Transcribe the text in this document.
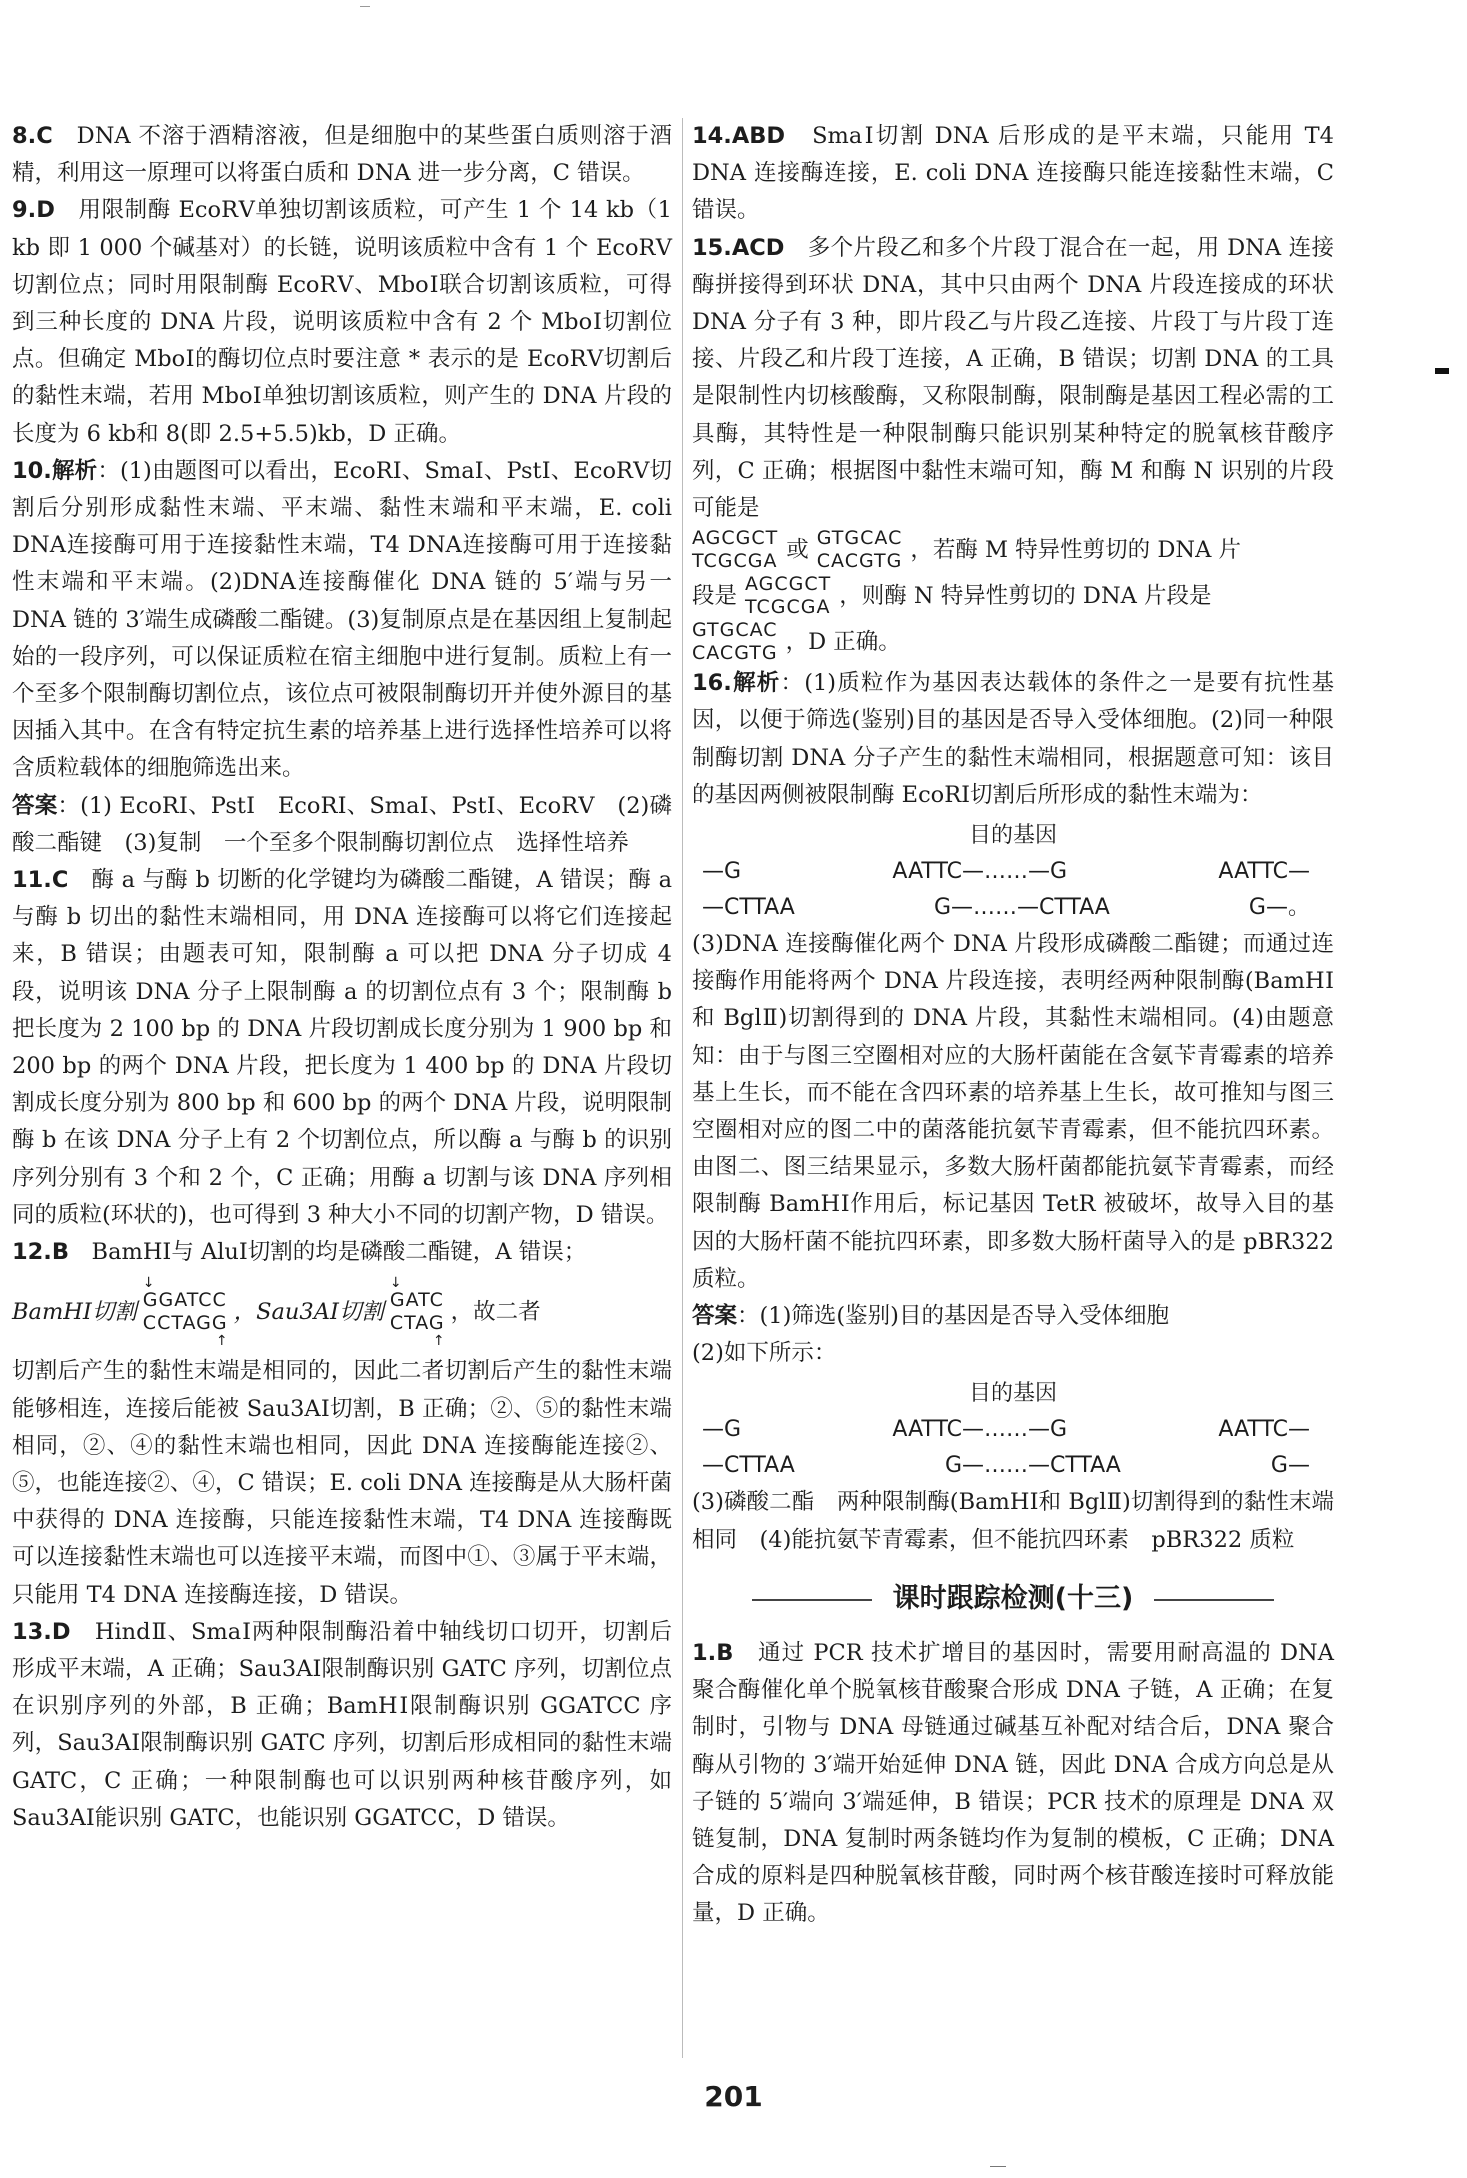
8.C　 DNA 不溶于酒精溶液，但是细胞中的某些蛋白质则溶于酒精，利用这一原理可以将蛋白质和 DNA 进一步分离，C 错误。

9.D　 用限制酶 EcoRⅤ单独切割该质粒，可产生 1 个 14 kb（1 kb 即 1 000 个碱基对）的长链，说明该质粒中含有 1 个 EcoRⅤ切割位点；同时用限制酶 EcoRⅤ、MboⅠ联合切割该质粒，可得到三种长度的 DNA 片段，说明该质粒中含有 2 个 MboⅠ切割位点。但确定 MboⅠ的酶切位点时要注意 * 表示的是 EcoRⅤ切割后的黏性末端，若用 MboⅠ单独切割该质粒，则产生的 DNA 片段的长度为 6 kb和 8(即 2.5+5.5)kb，D 正确。

10.解析：(1)由题图可以看出，EcoRⅠ、SmaⅠ、PstⅠ、EcoRⅤ切割后分别形成黏性末端、平末端、黏性末端和平末端，E. coli DNA连接酶可用于连接黏性末端，T4 DNA连接酶可用于连接黏性末端和平末端。(2)DNA连接酶催化 DNA 链的 5′端与另一 DNA 链的 3′端生成磷酸二酯键。(3)复制原点是在基因组上复制起始的一段序列，可以保证质粒在宿主细胞中进行复制。质粒上有一个至多个限制酶切割位点，该位点可被限制酶切开并使外源目的基因插入其中。在含有特定抗生素的培养基上进行选择性培养可以将含质粒载体的细胞筛选出来。

答案：(1) EcoRⅠ、PstⅠ　EcoRⅠ、SmaⅠ、PstⅠ、EcoRⅤ　(2)磷酸二酯键　(3)复制　一个至多个限制酶切割位点　选择性培养

11.C　 酶 a 与酶 b 切断的化学键均为磷酸二酯键，A 错误；酶 a 与酶 b 切出的黏性末端相同，用 DNA 连接酶可以将它们连接起来，B 错误；由题表可知，限制酶 a 可以把 DNA 分子切成 4 段，说明该 DNA 分子上限制酶 a 的切割位点有 3 个；限制酶 b 把长度为 2 100 bp 的 DNA 片段切割成长度分别为 1 900 bp 和 200 bp 的两个 DNA 片段，把长度为 1 400 bp 的 DNA 片段切割成长度分别为 800 bp 和 600 bp 的两个 DNA 片段，说明限制酶 b 在该 DNA 分子上有 2 个切割位点，所以酶 a 与酶 b 的识别序列分别有 3 个和 2 个，C 正确；用酶 a 切割与该 DNA 序列相同的质粒(环状的)，也可得到 3 种大小不同的切割产物，D 错误。

12.B　 BamHⅠ与 AluⅠ切割的均是磷酸二酯键，A 错误；

BamHⅠ切割
↓
GGATCC
CCTAGG
↑
，Sau3AⅠ切割
↓
GATC
CTAG
↑
，故二者

切割后产生的黏性末端是相同的，因此二者切割后产生的黏性末端能够相连，连接后能被 Sau3AⅠ切割，B 正确；②、⑤的黏性末端相同，②、④的黏性末端也相同，因此 DNA 连接酶能连接②、⑤，也能连接②、④，C 错误；E. coli DNA 连接酶是从大肠杆菌中获得的 DNA 连接酶，只能连接黏性末端，T4 DNA 连接酶既可以连接黏性末端也可以连接平末端，而图中①、③属于平末端，只能用 T4 DNA 连接酶连接，D 错误。

13.D　 HindⅡ、SmaⅠ两种限制酶沿着中轴线切口切开，切割后形成平末端，A 正确；Sau3AⅠ限制酶识别 GATC 序列，切割位点在识别序列的外部，B 正确；BamHⅠ限制酶识别 GGATCC 序列，Sau3AⅠ限制酶识别 GATC 序列，切割后形成相同的黏性末端 GATC，C 正确；一种限制酶也可以识别两种核苷酸序列，如 Sau3AⅠ能识别 GATC，也能识别 GGATCC，D 错误。

14.ABD　 SmaⅠ切割 DNA 后形成的是平末端，只能用 T4 DNA 连接酶连接，E. coli DNA 连接酶只能连接黏性末端，C 错误。

15.ACD　 多个片段乙和多个片段丁混合在一起，用 DNA 连接酶拼接得到环状 DNA，其中只由两个 DNA 片段连接成的环状 DNA 分子有 3 种，即片段乙与片段乙连接、片段丁与片段丁连接、片段乙和片段丁连接，A 正确，B 错误；切割 DNA 的工具是限制性内切核酸酶，又称限制酶，限制酶是基因工程必需的工具酶，其特性是一种限制酶只能识别某种特定的脱氧核苷酸序列，C 正确；根据图中黏性末端可知，酶 M 和酶 N 识别的片段可能是

AGCGCT
TCGCGA 或 GTGCAC
CACGTG ，若酶 M 特异性剪切的 DNA 片
段是 AGCGCT
TCGCGA ，则酶 N 特异性剪切的 DNA 片段是
GTGCAC
CACGTG ，D 正确。

16.解析：(1)质粒作为基因表达载体的条件之一是要有抗性基因，以便于筛选(鉴别)目的基因是否导入受体细胞。(2)同一种限制酶切割 DNA 分子产生的黏性末端相同，根据题意可知：该目的基因两侧被限制酶 EcoRⅠ切割后所形成的黏性末端为：

目的基因
—G	AATTC—……—G	AATTC—
—CTTAA	G—……—CTTAA	G—。

(3)DNA 连接酶催化两个 DNA 片段形成磷酸二酯键；而通过连接酶作用能将两个 DNA 片段连接，表明经两种限制酶(BamHⅠ和 BglⅡ)切割得到的 DNA 片段，其黏性末端相同。(4)由题意知：由于与图三空圈相对应的大肠杆菌能在含氨苄青霉素的培养基上生长，而不能在含四环素的培养基上生长，故可推知与图三空圈相对应的图二中的菌落能抗氨苄青霉素，但不能抗四环素。由图二、图三结果显示，多数大肠杆菌都能抗氨苄青霉素，而经限制酶 BamHⅠ作用后，标记基因 TetR 被破坏，故导入目的基因的大肠杆菌不能抗四环素，即多数大肠杆菌导入的是 pBR322 质粒。

答案：(1)筛选(鉴别)目的基因是否导入受体细胞

(2)如下所示：

目的基因
—G	AATTC—……—G	AATTC—
—CTTAA	G—……—CTTAA	G—

(3)磷酸二酯　两种限制酶(BamHⅠ和 BglⅡ)切割得到的黏性末端相同　(4)能抗氨苄青霉素，但不能抗四环素　pBR322 质粒

课时跟踪检测(十三)

1.B　 通过 PCR 技术扩增目的基因时，需要用耐高温的 DNA 聚合酶催化单个脱氧核苷酸聚合形成 DNA 子链，A 正确；在复制时，引物与 DNA 母链通过碱基互补配对结合后，DNA 聚合酶从引物的 3′端开始延伸 DNA 链，因此 DNA 合成方向总是从子链的 5′端向 3′端延伸，B 错误；PCR 技术的原理是 DNA 双链复制，DNA 复制时两条链均作为复制的模板，C 正确；DNA 合成的原料是四种脱氧核苷酸，同时两个核苷酸连接时可释放能量，D 正确。

201
